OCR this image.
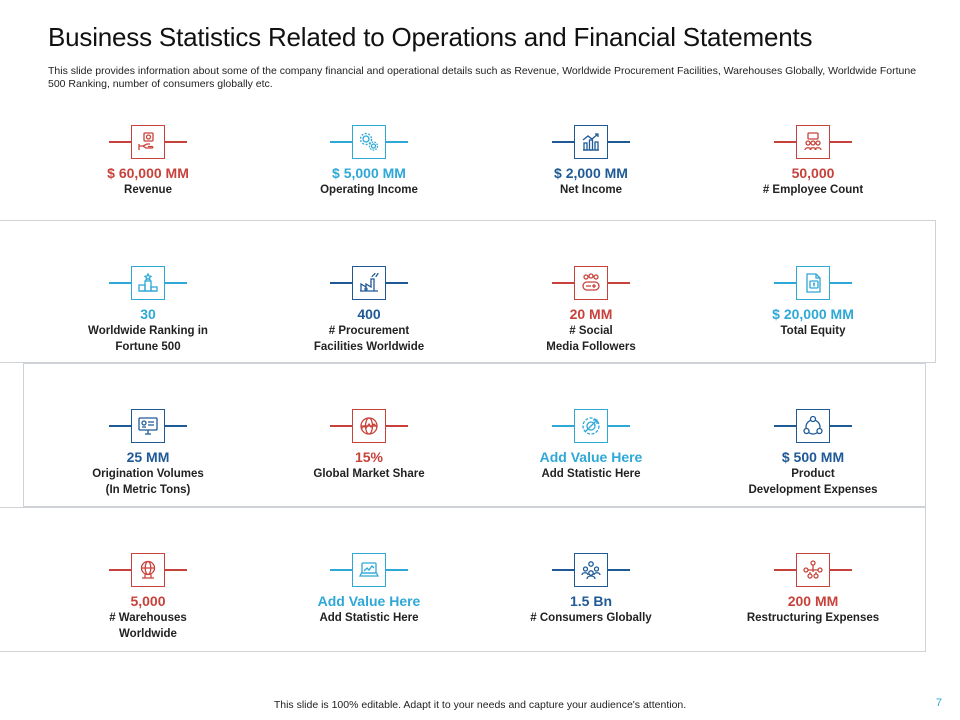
Business Statistics Related to Operations and Financial Statements

This slide provides information about some of the company financial and operational details such as Revenue, Worldwide Procurement Facilities, Warehouses Globally, Worldwide Fortune 500 Ranking, number of consumers globally etc.

$ 60,000 MM
Revenue
$ 5,000 MM
Operating Income
$ 2,000 MM
Net Income
50,000
# Employee Count
30
Worldwide Ranking in
Fortune 500
400
# Procurement
Facilities Worldwide
20 MM
# Social
Media Followers
$ 20,000 MM
Total Equity
25 MM
Origination Volumes
(In Metric Tons)
15%
Global Market Share
Add Value Here
Add Statistic Here
$ 500 MM
Product
Development Expenses
5,000
# Warehouses
Worldwide
Add Value Here
Add Statistic Here
1.5 Bn
# Consumers Globally
200 MM
Restructuring Expenses

This slide is 100% editable. Adapt it to your needs and capture your audience's attention.	7
